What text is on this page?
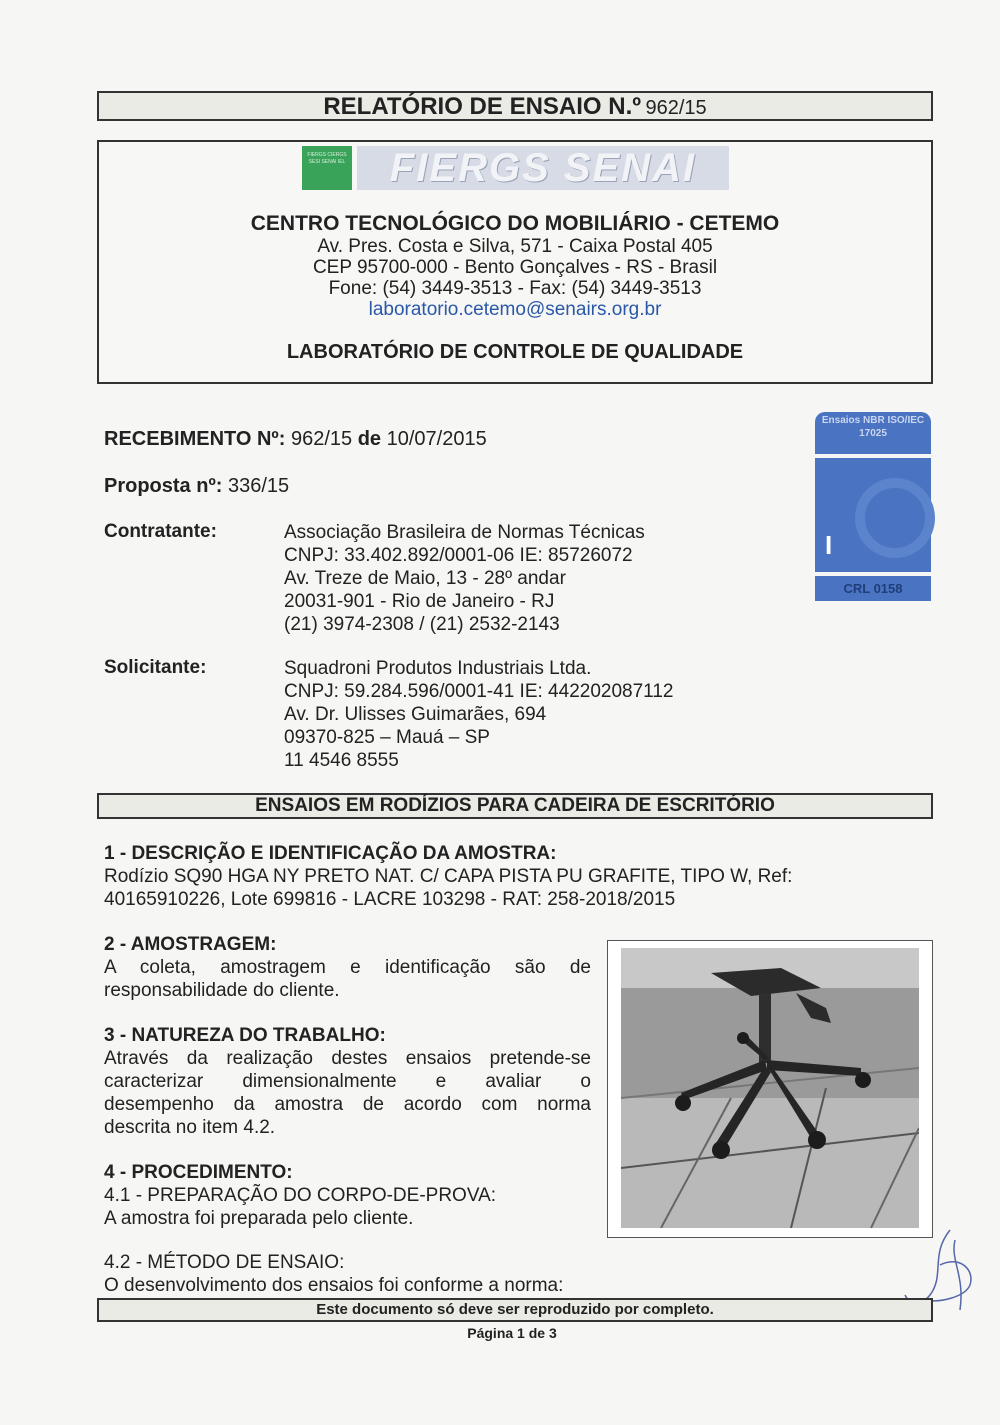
RELATÓRIO DE ENSAIO N.º 962/15
FIERGS CIERGS SESI SENAI IEL	FIERGS SENAI
CENTRO TECNOLÓGICO DO MOBILIÁRIO - CETEMO
Av. Pres. Costa e Silva, 571 - Caixa Postal 405
CEP 95700-000 - Bento Gonçalves - RS - Brasil
Fone: (54) 3449-3513 - Fax: (54) 3449-3513
laboratorio.cetemo@senairs.org.br
LABORATÓRIO DE CONTROLE DE QUALIDADE
Ensaios NBR ISO/IEC 17025
I
CRL 0158
RECEBIMENTO Nº: 962/15 de 10/07/2015
Proposta nº: 336/15
Contratante:	Associação Brasileira de Normas Técnicas
CNPJ: 33.402.892/0001-06 IE: 85726072
Av. Treze de Maio, 13 - 28º andar
20031-901 - Rio de Janeiro - RJ
(21) 3974-2308 / (21) 2532-2143
Solicitante:	Squadroni Produtos Industriais Ltda.
CNPJ: 59.284.596/0001-41 IE: 442202087112
Av. Dr. Ulisses Guimarães, 694
09370-825 – Mauá – SP
11 4546 8555
ENSAIOS EM RODÍZIOS PARA CADEIRA DE ESCRITÓRIO
1 - DESCRIÇÃO E IDENTIFICAÇÃO DA AMOSTRA:
Rodízio SQ90 HGA NY PRETO NAT. C/ CAPA PISTA PU GRAFITE, TIPO W, Ref:
40165910226, Lote 699816 - LACRE 103298 - RAT: 258-2018/2015
2 - AMOSTRAGEM:
A coleta, amostragem e identificação são de
responsabilidade do cliente.
3 - NATUREZA DO TRABALHO:
Através da realização destes ensaios pretende-se
caracterizar dimensionalmente e avaliar o
desempenho da amostra de acordo com norma
descrita no item 4.2.
4 - PROCEDIMENTO:
4.1 - PREPARAÇÃO DO CORPO-DE-PROVA:
A amostra foi preparada pelo cliente.
4.2 - MÉTODO DE ENSAIO:
O desenvolvimento dos ensaios foi conforme a norma:
Este documento só deve ser reproduzido por completo.
Página 1 de 3
